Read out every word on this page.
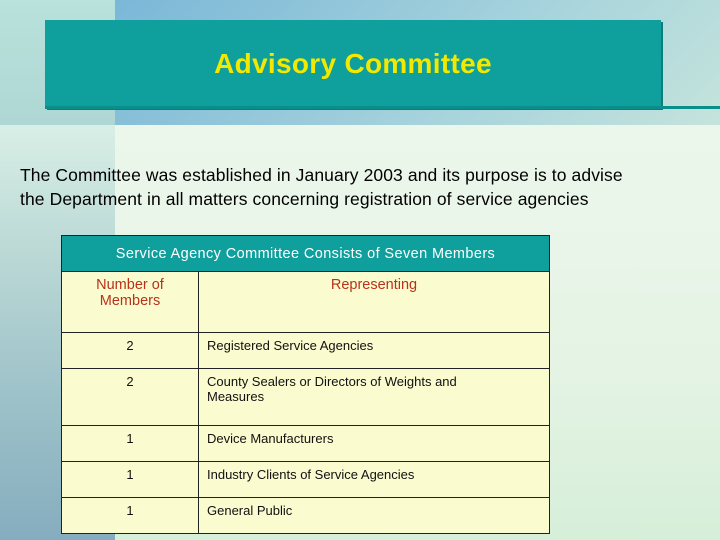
Advisory Committee
The Committee was established in January 2003 and its purpose is to advise
the Department in all matters concerning registration of service agencies
Service Agency Committee Consists of Seven Members	

Number of
Members	Representing
2	Registered Service Agencies
2	County Sealers or Directors of Weights and
Measures

1	Device Manufacturers
1	Industry Clients of Service Agencies
1	General Public
